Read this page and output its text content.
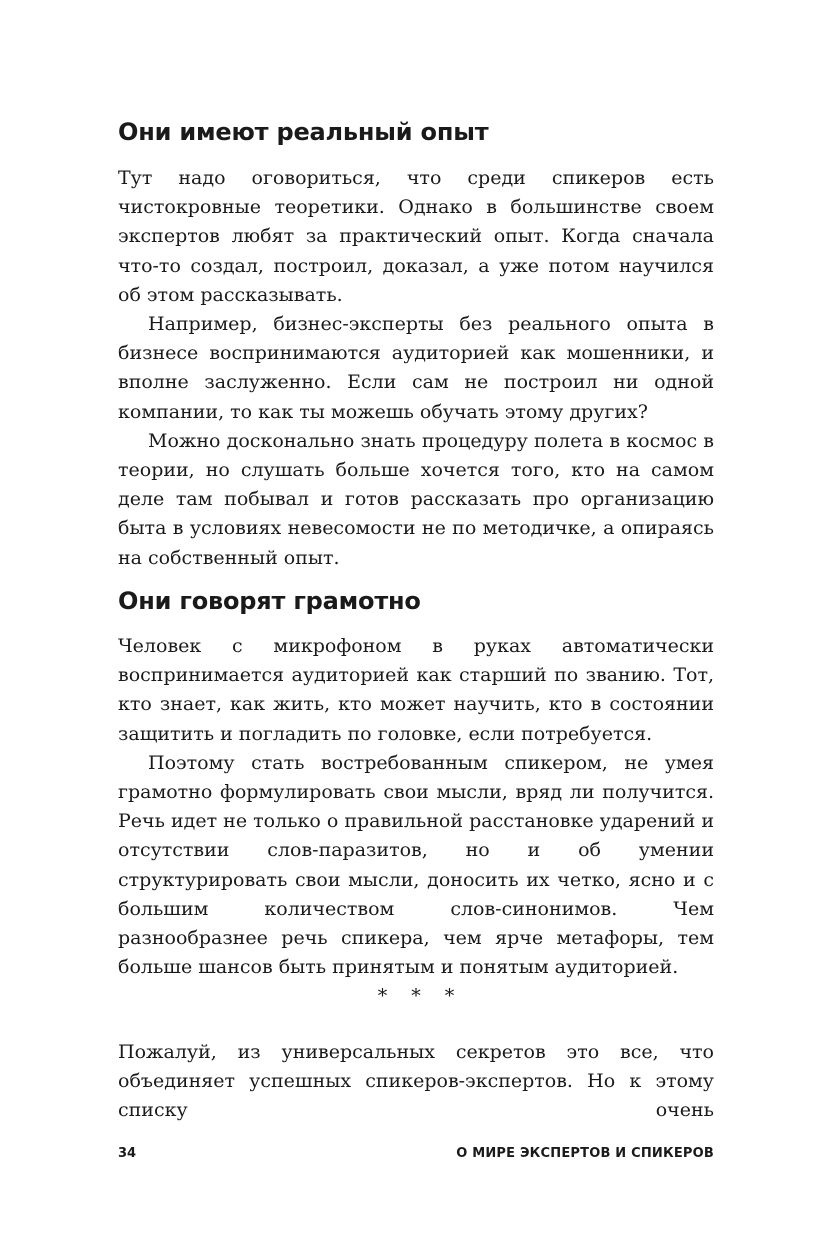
Они имеют реальный опыт

Тут надо оговориться, что среди спикеров есть чистокровные теоретики. Однако в большинстве своем экспертов любят за практический опыт. Когда сначала что-то создал, построил, доказал, а уже потом научился об этом рассказывать.

Например, бизнес-эксперты без реального опыта в бизнесе воспринимаются аудиторией как мошенники, и вполне заслуженно. Если сам не построил ни одной компании, то как ты можешь обучать этому других?

Можно досконально знать процедуру полета в космос в теории, но слушать больше хочется того, кто на самом деле там побывал и готов рассказать про организацию быта в условиях невесомости не по методичке, а опираясь на собственный опыт.

Они говорят грамотно

Человек с микрофоном в руках автоматически воспринимается аудиторией как старший по званию. Тот, кто знает, как жить, кто может научить, кто в состоянии защитить и погладить по головке, если потребуется.

Поэтому стать востребованным спикером, не умея грамотно формулировать свои мысли, вряд ли получится. Речь идет не только о правильной расстановке ударений и отсутствии слов-паразитов, но и об умении структурировать свои мысли, доносить их четко, ясно и с большим количеством слов-синонимов. Чем разнообразнее речь спикера, чем ярче метафоры, тем больше шансов быть принятым и понятым аудиторией.

* * *

Пожалуй, из универсальных секретов это все, что объединяет успешных спикеров-экспертов. Но к этому списку очень

34	О МИРЕ ЭКСПЕРТОВ И СПИКЕРОВ
